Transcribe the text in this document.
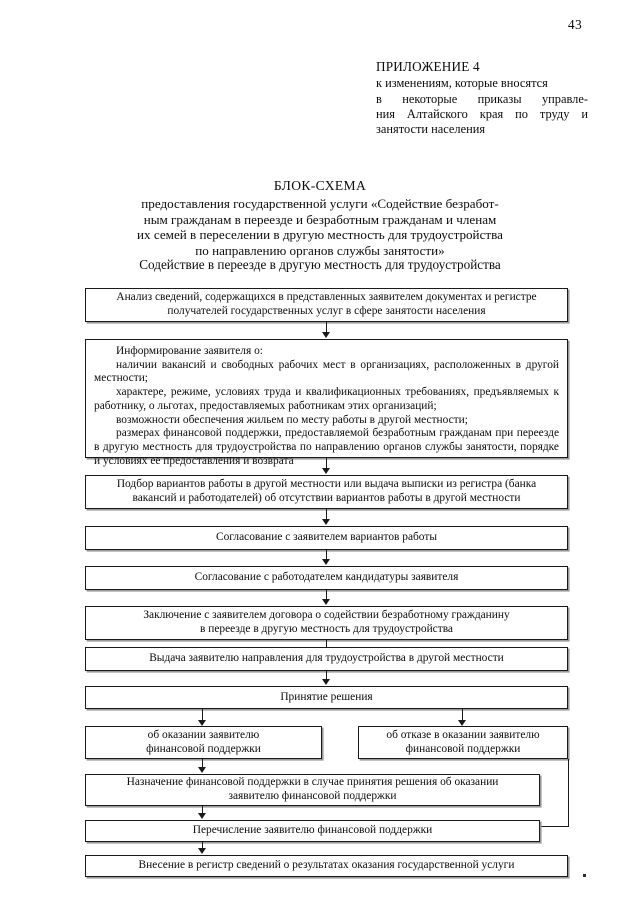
43
ПРИЛОЖЕНИЕ 4
к изменениям, которые вносятся
в некоторые приказы управле-
ния Алтайского края по труду и
занятости населения
БЛОК-СХЕМА
предоставления государственной услуги «Содействие безработ-
ным гражданам в переезде и безработным гражданам и членам
их семей в переселении в другую местность для трудоустройства
по направлению органов службы занятости»
Содействие в переезде в другую местность для трудоустройства
Анализ сведений, содержащихся в представленных заявителем документах и регистре
получателей государственных услуг в сфере занятости населения
Информирование заявителя о:

наличии вакансий и свободных рабочих мест в организациях, расположенных в другой местности;

характере, режиме, условиях труда и квалификационных требованиях, предъявляемых к работнику, о льготах, предоставляемых работникам этих организаций;

возможности обеспечения жильем по месту работы в другой местности;

размерах финансовой поддержки, предоставляемой безработным гражданам при переезде в другую местность для трудоустройства по направлению органов службы занятости, порядке и условиях ее предоставления и возврата

Подбор вариантов работы в другой местности или выдача выписки из регистра (банка
вакансий и работодателей) об отсутствии вариантов работы в другой местности
Согласование с заявителем вариантов работы
Согласование с работодателем кандидатуры заявителя
Заключение с заявителем договора о содействии безработному гражданину
в переезде в другую местность для трудоустройства
Выдача заявителю направления для трудоустройства в другой местности
Принятие решения
об оказании заявителю
финансовой поддержки
об отказе в оказании заявителю
финансовой поддержки
Назначение финансовой поддержки в случае принятия решения об оказании
заявителю финансовой поддержки
Перечисление заявителю финансовой поддержки
Внесение в регистр сведений о результатах оказания государственной услуги
